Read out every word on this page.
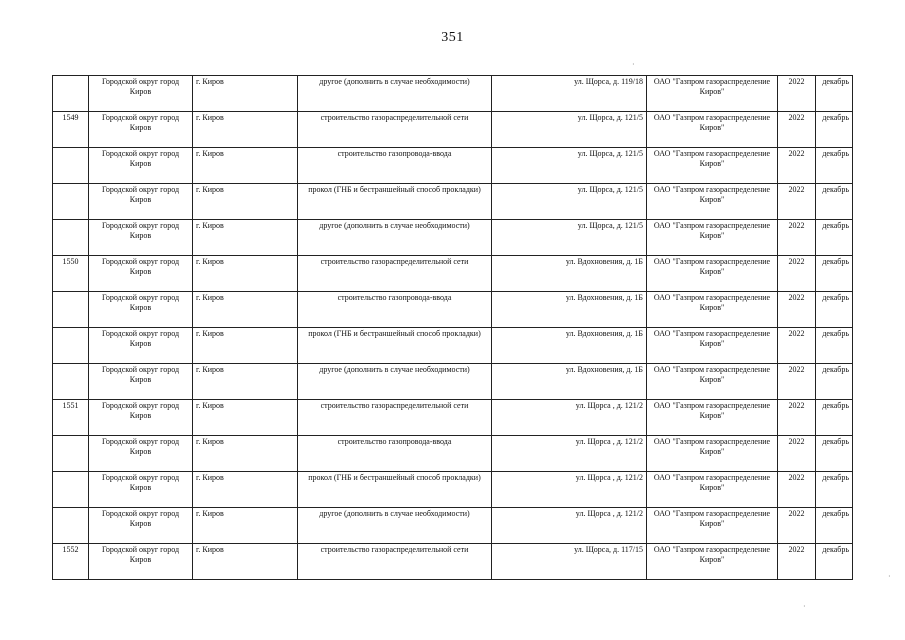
351
	Городской округ город Киров	г. Киров	другое (дополнить в случае необходимости)	ул. Щорса, д. 119/18	ОАО "Газпром газораспределение Киров"	2022	декабрь
1549	Городской округ город Киров	г. Киров	строительство газораспределительной сети	ул. Щорса, д. 121/5	ОАО "Газпром газораспределение Киров"	2022	декабрь
	Городской округ город Киров	г. Киров	строительство газопровода-ввода	ул. Щорса, д. 121/5	ОАО "Газпром газораспределение Киров"	2022	декабрь
	Городской округ город Киров	г. Киров	прокол (ГНБ и бестраншейный способ прокладки)	ул. Щорса, д. 121/5	ОАО "Газпром газораспределение Киров"	2022	декабрь
	Городской округ город Киров	г. Киров	другое (дополнить в случае необходимости)	ул. Щорса, д. 121/5	ОАО "Газпром газораспределение Киров"	2022	декабрь
1550	Городской округ город Киров	г. Киров	строительство газораспределительной сети	ул. Вдохновения, д. 1Б	ОАО "Газпром газораспределение Киров"	2022	декабрь
	Городской округ город Киров	г. Киров	строительство газопровода-ввода	ул. Вдохновения, д. 1Б	ОАО "Газпром газораспределение Киров"	2022	декабрь
	Городской округ город Киров	г. Киров	прокол (ГНБ и бестраншейный способ прокладки)	ул. Вдохновения, д. 1Б	ОАО "Газпром газораспределение Киров"	2022	декабрь
	Городской округ город Киров	г. Киров	другое (дополнить в случае необходимости)	ул. Вдохновения, д. 1Б	ОАО "Газпром газораспределение Киров"	2022	декабрь
1551	Городской округ город Киров	г. Киров	строительство газораспределительной сети	ул. Щорса , д. 121/2	ОАО "Газпром газораспределение Киров"	2022	декабрь
	Городской округ город Киров	г. Киров	строительство газопровода-ввода	ул. Щорса , д. 121/2	ОАО "Газпром газораспределение Киров"	2022	декабрь
	Городской округ город Киров	г. Киров	прокол (ГНБ и бестраншейный способ прокладки)	ул. Щорса , д. 121/2	ОАО "Газпром газораспределение Киров"	2022	декабрь
	Городской округ город Киров	г. Киров	другое (дополнить в случае необходимости)	ул. Щорса , д. 121/2	ОАО "Газпром газораспределение Киров"	2022	декабрь
1552	Городской округ город Киров	г. Киров	строительство газораспределительной сети	ул. Щорса, д. 117/15	ОАО "Газпром газораспределение Киров"	2022	декабрь
·
·
·
